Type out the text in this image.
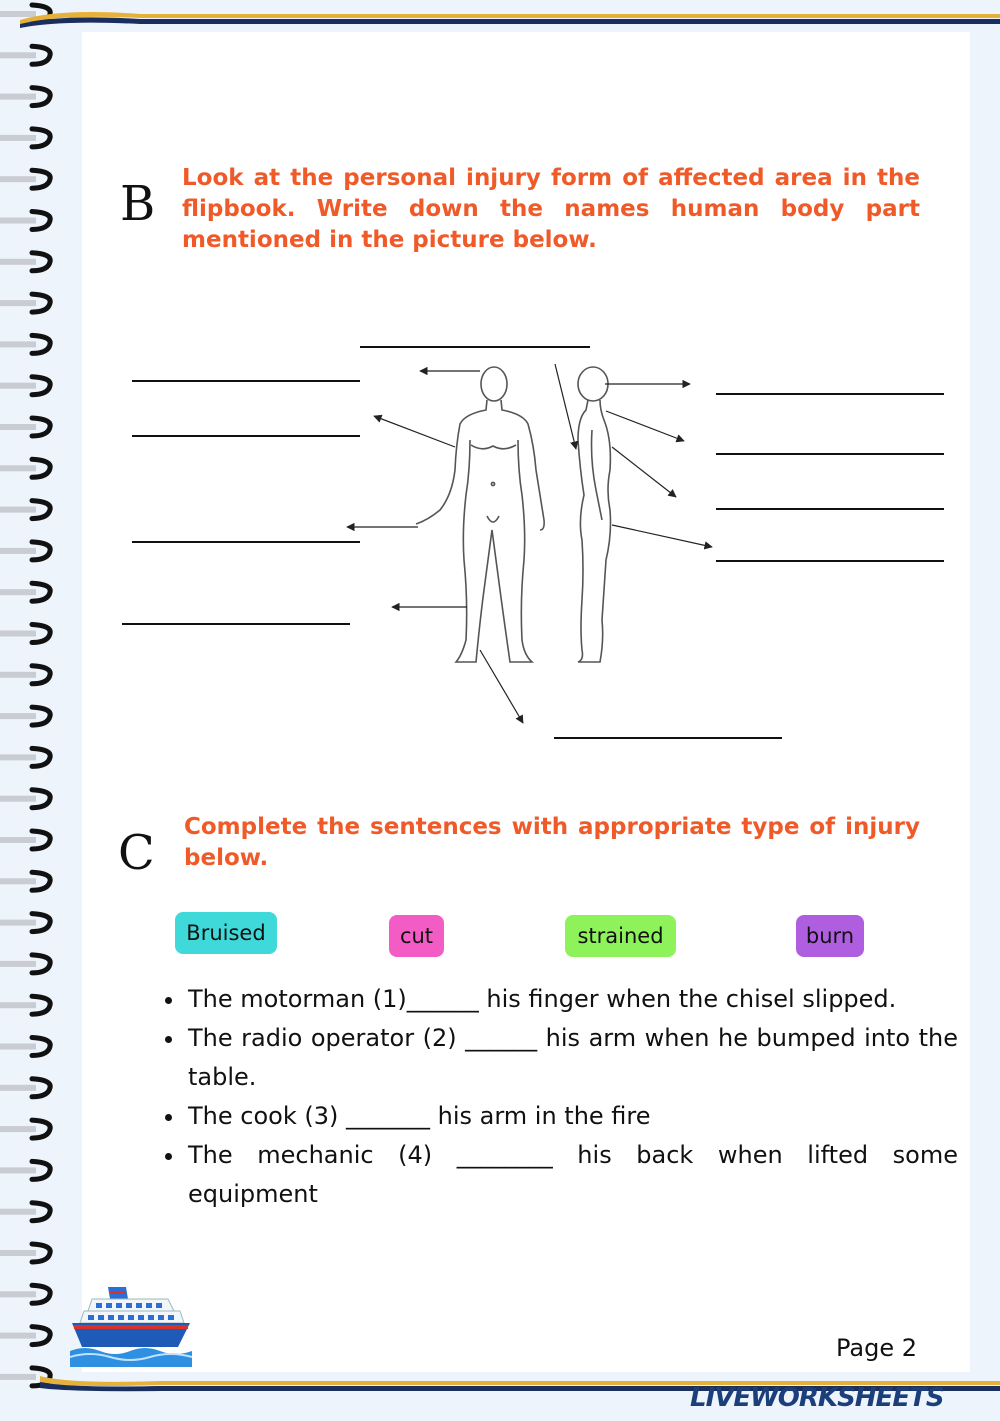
B Look at the personal injury form of affected area in the flipbook. Write down the names human body part mentioned in the picture below.
C Complete the sentences with appropriate type of injury below.
Bruised	cut	strained	burn
• The motorman (1)______ his finger when the chisel slipped.
• The radio operator (2) ______ his arm when he bumped into the table.
• The cook (3) _______ his arm in the fire
• The mechanic (4) ________ his back when lifted some equipment
Page 2
LIVEWORKSHEETS
